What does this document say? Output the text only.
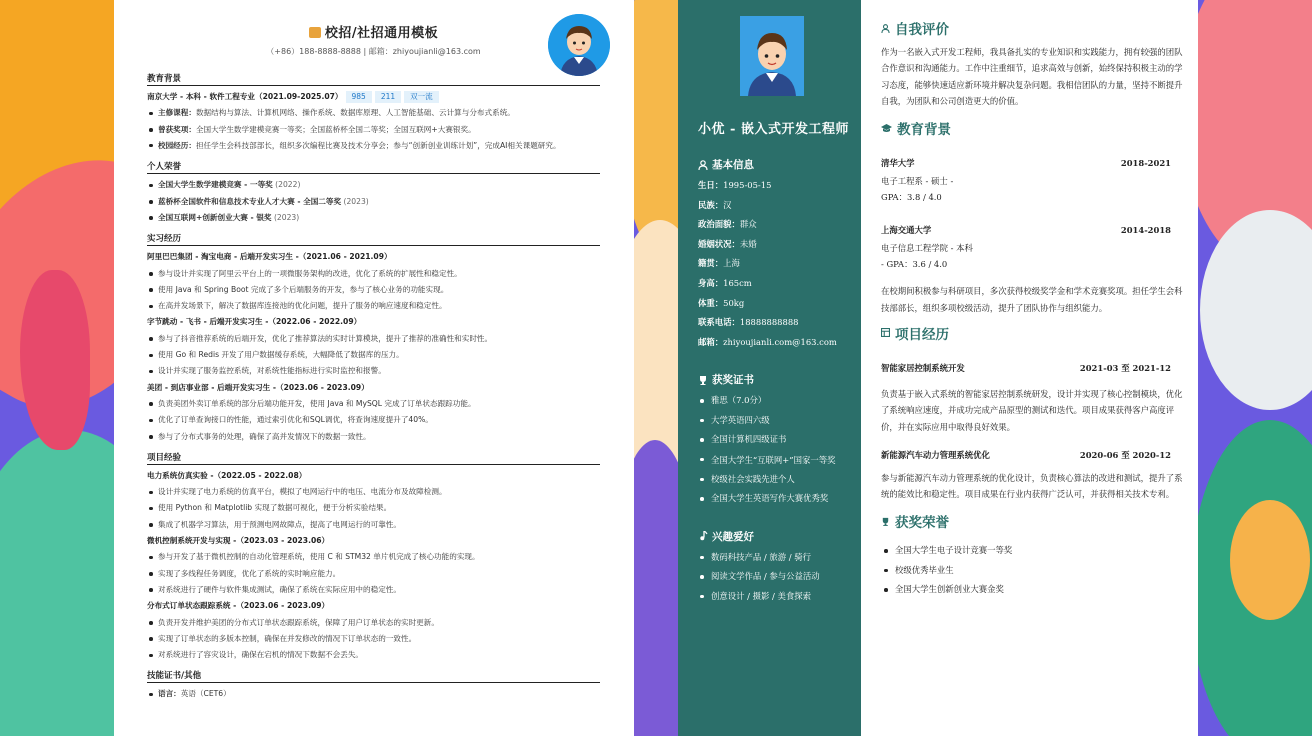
校招/社招通用模板
（+86）188-8888-8888 | 邮箱：zhiyoujianli@163.com
教育背景
南京大学 - 本科 - 软件工程专业（2021.09-2025.07） 985 211 双一流
主修课程：数据结构与算法、计算机网络、操作系统、数据库原理、人工智能基础、云计算与分布式系统。
曾获奖项：全国大学生数学建模竞赛一等奖；全国蓝桥杯全国二等奖；全国互联网+大赛银奖。
校园经历：担任学生会科技部部长，组织多次编程比赛及技术分享会；参与“创新创业训练计划”，完成AI相关课题研究。
个人荣誉
全国大学生数学建模竞赛 - 一等奖 (2022)
蓝桥杯全国软件和信息技术专业人才大赛 - 全国二等奖 (2023)
全国互联网+创新创业大赛 - 银奖 (2023)
实习经历
阿里巴巴集团 - 淘宝电商 - 后端开发实习生 -（2021.06 - 2021.09）
参与设计并实现了阿里云平台上的一项微服务架构的改进，优化了系统的扩展性和稳定性。
使用 Java 和 Spring Boot 完成了多个后端服务的开发，参与了核心业务的功能实现。
在高并发场景下，解决了数据库连接池的优化问题，提升了服务的响应速度和稳定性。
字节跳动 - 飞书 - 后端开发实习生 -（2022.06 - 2022.09）
参与了抖音推荐系统的后端开发，优化了推荐算法的实时计算模块，提升了推荐的准确性和实时性。
使用 Go 和 Redis 开发了用户数据缓存系统，大幅降低了数据库的压力。
设计并实现了服务监控系统，对系统性能指标进行实时监控和报警。
美团 - 到店事业部 - 后端开发实习生 -（2023.06 - 2023.09）
负责美团外卖订单系统的部分后端功能开发，使用 Java 和 MySQL 完成了订单状态跟踪功能。
优化了订单查询接口的性能，通过索引优化和SQL调优，将查询速度提升了40%。
参与了分布式事务的处理，确保了高并发情况下的数据一致性。
项目经验
电力系统仿真实验 -（2022.05 - 2022.08）
设计并实现了电力系统的仿真平台，模拟了电网运行中的电压、电流分布及故障检测。
使用 Python 和 Matplotlib 实现了数据可视化，便于分析实验结果。
集成了机器学习算法，用于预测电网故障点，提高了电网运行的可靠性。
微机控制系统开发与实现 -（2023.03 - 2023.06）
参与开发了基于微机控制的自动化管理系统，使用 C 和 STM32 单片机完成了核心功能的实现。
实现了多线程任务调度，优化了系统的实时响应能力。
对系统进行了硬件与软件集成测试，确保了系统在实际应用中的稳定性。
分布式订单状态跟踪系统 -（2023.06 - 2023.09）
负责开发并维护美团的分布式订单状态跟踪系统，保障了用户订单状态的实时更新。
实现了订单状态的多版本控制，确保在并发修改的情况下订单状态的一致性。
对系统进行了容灾设计，确保在宕机的情况下数据不会丢失。
技能证书/其他
语言：英语（CET6）
小优 - 嵌入式开发工程师
基本信息
生日：1995-05-15
民族：汉
政治面貌：群众
婚姻状况：未婚
籍贯：上海
身高：165cm
体重：50kg
联系电话：18888888888
邮箱：zhiyoujianli.com@163.com
获奖证书
雅思（7.0分）
大学英语四六级
全国计算机四级证书
全国大学生“互联网+”国家一等奖
校级社会实践先进个人
全国大学生英语写作大赛优秀奖
兴趣爱好
数码科技产品 / 旅游 / 骑行
阅读文学作品 / 参与公益活动
创意设计 / 摄影 / 美食探索
自我评价
作为一名嵌入式开发工程师，我具备扎实的专业知识和实践能力，拥有较强的团队合作意识和沟通能力。工作中注重细节，追求高效与创新，始终保持积极主动的学习态度，能够快速适应新环境并解决复杂问题。我相信团队的力量，坚持不断提升自我，为团队和公司创造更大的价值。
教育背景
清华大学	2018-2021
电子工程系 - 硕士 -
GPA：3.8 / 4.0
上海交通大学	2014-2018
电子信息工程学院 - 本科
- GPA：3.6 / 4.0
在校期间积极参与科研项目，多次获得校级奖学金和学术竞赛奖项。担任学生会科技部部长，组织多项校级活动，提升了团队协作与组织能力。
项目经历
智能家居控制系统开发	2021-03 至 2021-12
负责基于嵌入式系统的智能家居控制系统研发，设计并实现了核心控制模块，优化了系统响应速度，并成功完成产品原型的测试和迭代。项目成果获得客户高度评价，并在实际应用中取得良好效果。
新能源汽车动力管理系统优化	2020-06 至 2020-12
参与新能源汽车动力管理系统的优化设计，负责核心算法的改进和测试，提升了系统的能效比和稳定性。项目成果在行业内获得广泛认可，并获得相关技术专利。
获奖荣誉
全国大学生电子设计竞赛一等奖
校级优秀毕业生
全国大学生创新创业大赛金奖
